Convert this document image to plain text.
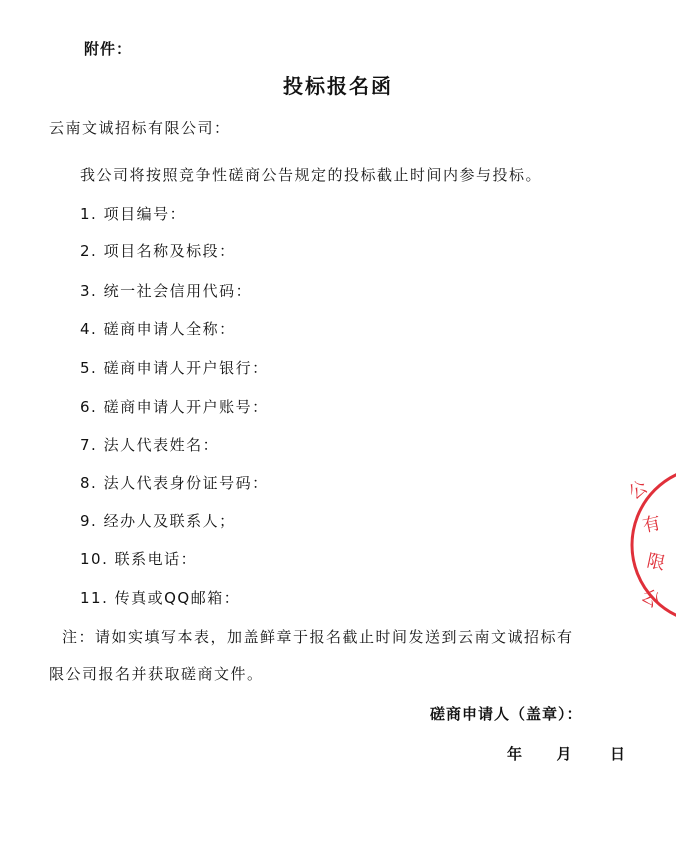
附件：
投标报名函
云南文诚招标有限公司：
我公司将按照竞争性磋商公告规定的投标截止时间内参与投标。
1. 项目编号：
2. 项目名称及标段：
3. 统一社会信用代码：
4. 磋商申请人全称：
5. 磋商申请人开户银行：
6. 磋商申请人开户账号：
7. 法人代表姓名：
8. 法人代表身份证号码：
9. 经办人及联系人；
10. 联系电话：
11. 传真或QQ邮箱：
注：请如实填写本表，加盖鲜章于报名截止时间发送到云南文诚招标有
限公司报名并获取磋商文件。
磋商申请人（盖章）：
年 月	日
公
有
限
公
